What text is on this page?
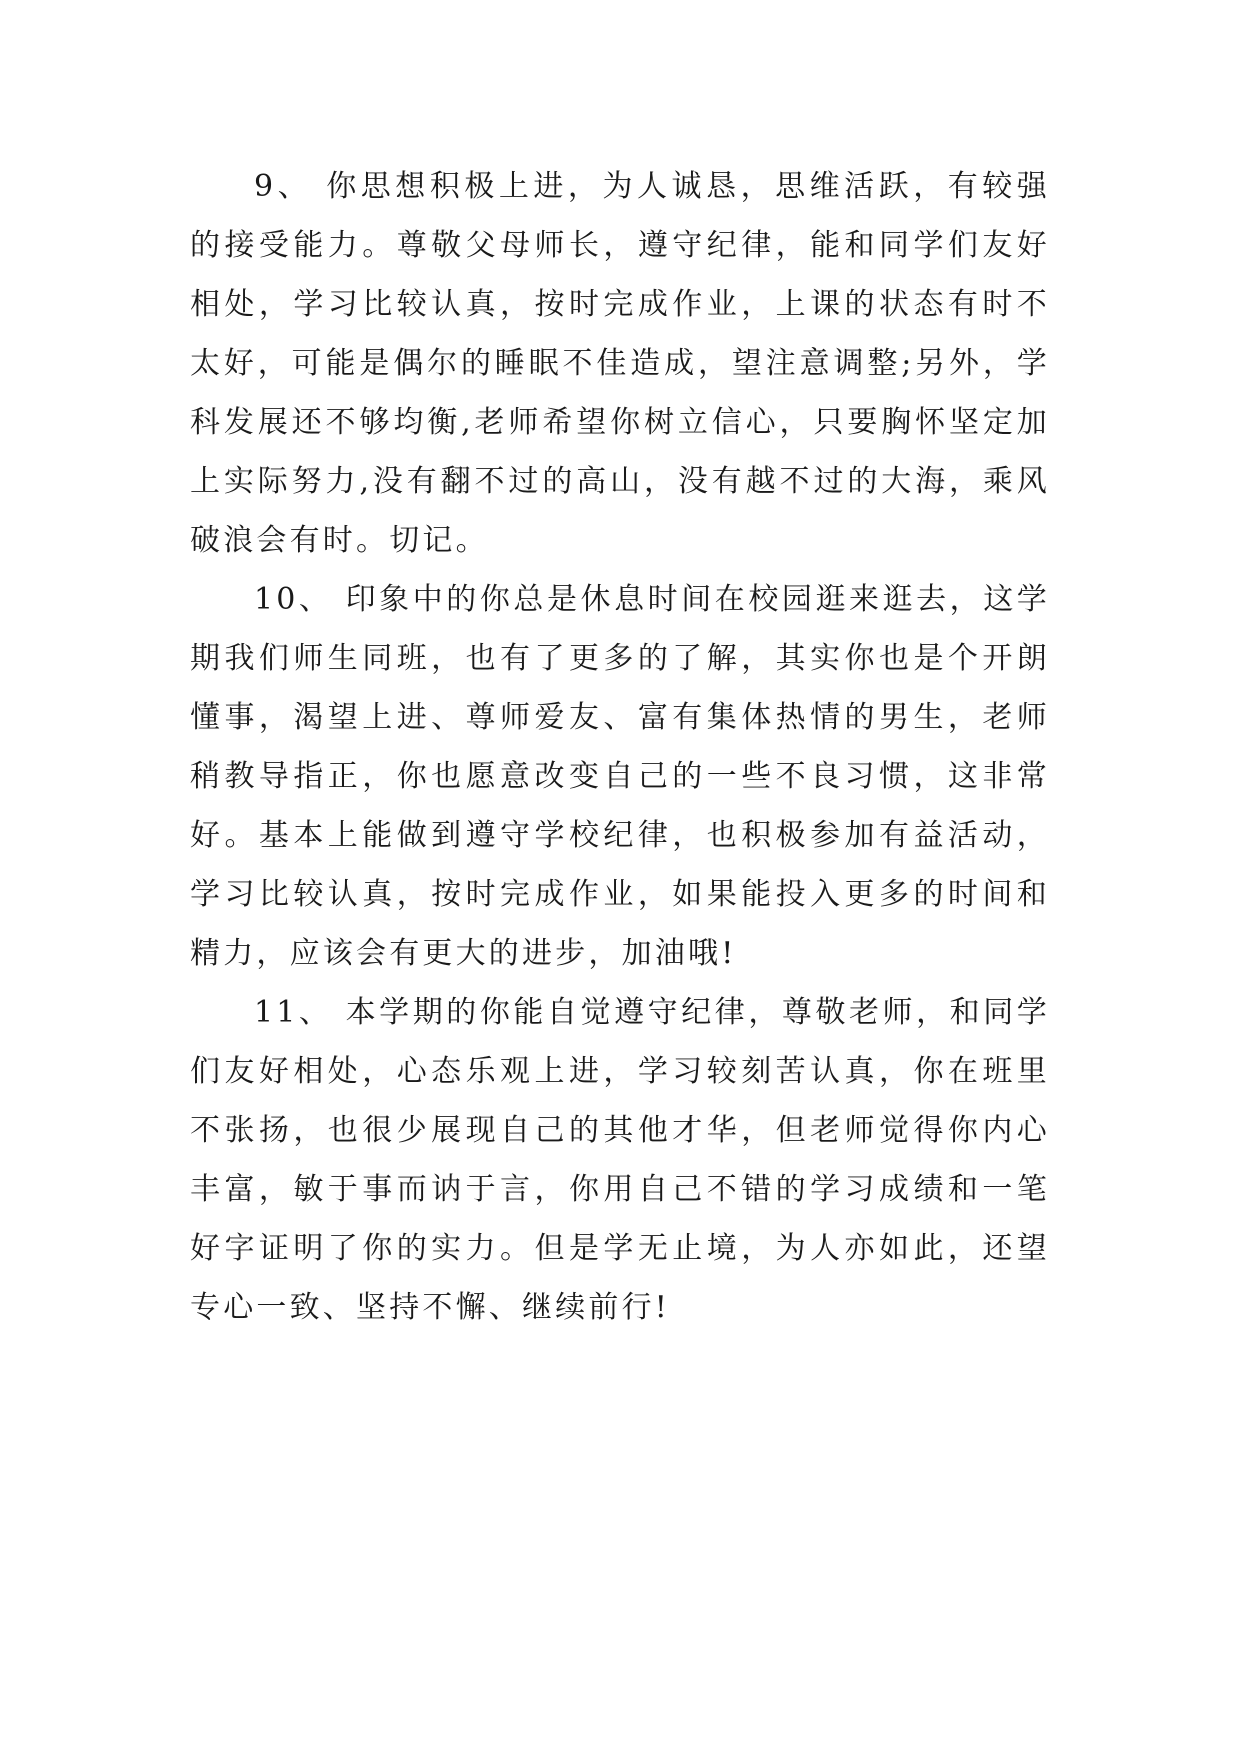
9、 你思想积极上进，为人诚恳，思维活跃，有较强的接受能力。尊敬父母师长，遵守纪律，能和同学们友好相处，学习比较认真，按时完成作业，上课的状态有时不太好，可能是偶尔的睡眠不佳造成，望注意调整;另外，学科发展还不够均衡,老师希望你树立信心，只要胸怀坚定加上实际努力,没有翻不过的高山，没有越不过的大海，乘风破浪会有时。切记。

10、 印象中的你总是休息时间在校园逛来逛去，这学期我们师生同班，也有了更多的了解，其实你也是个开朗懂事，渴望上进、尊师爱友、富有集体热情的男生，老师稍教导指正，你也愿意改变自己的一些不良习惯，这非常好。基本上能做到遵守学校纪律，也积极参加有益活动，学习比较认真，按时完成作业，如果能投入更多的时间和精力，应该会有更大的进步，加油哦!

11、 本学期的你能自觉遵守纪律，尊敬老师，和同学们友好相处，心态乐观上进，学习较刻苦认真，你在班里不张扬，也很少展现自己的其他才华，但老师觉得你内心丰富，敏于事而讷于言，你用自己不错的学习成绩和一笔好字证明了你的实力。但是学无止境，为人亦如此，还望专心一致、坚持不懈、继续前行!
